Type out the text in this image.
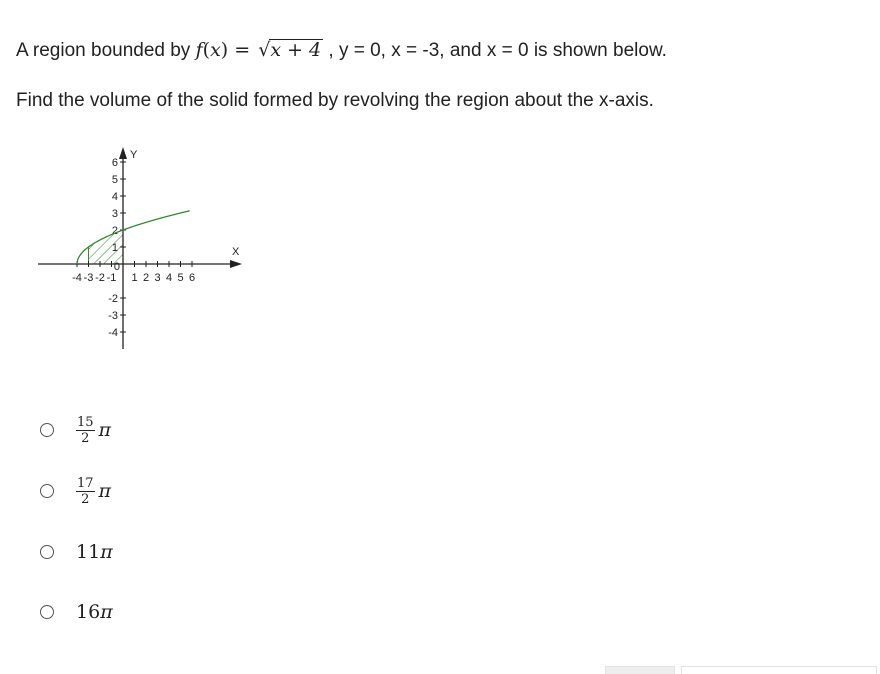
A region bounded by f(x) = √x + 4 , y = 0, x = -3, and x = 0 is shown below.
Find the volume of the solid formed by revolving the region about the x-axis.
-4 -3 -2 -1 1 2 3 4 5 6
6
5
4
3
2
1
-2
-3
-4
X
Y
0
$\frac{15}{2}$ π
$\frac{17}{2}$ π
11 π
16 π
